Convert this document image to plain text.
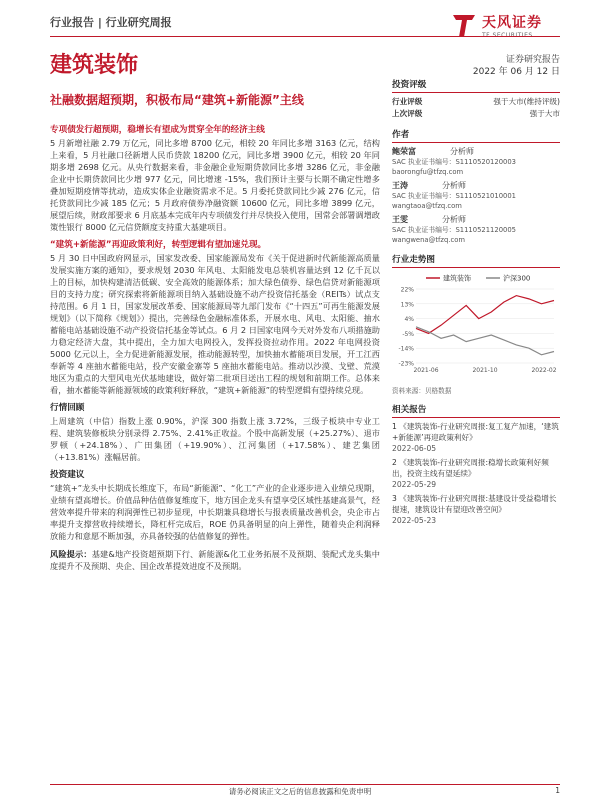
行业报告 | 行业研究周报	天风证券
建筑装饰	证券研究报告
2022 年 06 月 12 日
社融数据超预期，积极布局“建筑+新能源”主线
专项债发行超预期，稳增长有望成为贯穿全年的经济主线
5 月新增社融 2.79 万亿元，同比多增 8700 亿元，相较 20 年同比多增 3163 亿元，结构上来看，5 月社融口径新增人民币贷款 18200 亿元，同比多增 3900 亿元，相较 20 年同期多增 2698 亿元。从央行数据来看，非金融企业短期贷款同比多增 3286 亿元，非金融企业中长期贷款同比少增 977 亿元，同比增速 -15%，我们预计主要与长期不确定性增多叠加短期疫情等扰动，造成实体企业融资需求不足。5 月委托贷款同比少减 276 亿元，信托贷款同比少减 185 亿元；5 月政府债券净融资额 10600 亿元，同比多增 3899 亿元，展望后续，财政部要求 6 月底基本完成年内专项债发行并尽快投入使用，国常会部署调增政策性银行 8000 亿元信贷额度支持重大基建项目。
“建筑+新能源”再迎政策利好，转型逻辑有望加速兑现。
5 月 30 日中国政府网显示，国家发改委、国家能源局发布《关于促进新时代新能源高质量发展实施方案的通知》，要求规划 2030 年风电、太阳能发电总装机容量达到 12 亿千瓦以上的目标，加快构建清洁低碳、安全高效的能源体系；加大绿色债券、绿色信贷对新能源项目的支持力度；研究探索将新能源项目纳入基础设施不动产投资信托基金（REITs）试点支持范围。6 月 1 日，国家发展改革委、国家能源局等九部门发布《“十四五”可再生能源发展规划》（以下简称《规划》）提出，完善绿色金融标准体系，开展水电、风电、太阳能、抽水蓄能电站基础设施不动产投资信托基金等试点。6 月 2 日国家电网今天对外发布八项措施助力稳定经济大盘，其中提出，全力加大电网投入，发挥投资拉动作用。2022 年电网投资 5000 亿元以上，全力促进新能源发展，推动能源转型，加快抽水蓄能项目发展，开工江西奉新等 4 座抽水蓄能电站，投产安徽金寨等 5 座抽水蓄能电站。推动以沙漠、戈壁、荒漠地区为重点的大型风电光伏基地建设，做好第二批项目送出工程的规划和前期工作。总体来看，抽水蓄能等新能源领域的政策利好释放，“建筑+新能源”的转型逻辑有望持续兑现。
行情回顾
上周建筑（中信）指数上涨 0.90%，沪深 300 指数上涨 3.72%，三级子板块中专业工程、建筑装修板块分别录得 2.75%、2.41%正收益。个股中高新发展（+25.27%）、退市罗顿（+24.18%）、广田集团（+19.90%）、江河集团（+17.58%）、建艺集团（+13.81%）涨幅居前。
投资建议
“建筑+”龙头中长期成长维度下，布局“新能源”、“化工”产业的企业逐步进入业绩兑现期，业绩有望高增长。价值品种估值修复维度下，地方国企龙头有望享受区域性基建高景气，经营效率提升带来的利润弹性已初步显现，中长期兼具稳增长与报表质量改善机会，央企市占率提升支撑营收持续增长，降杠杆完成后，ROE 仍具备明显的向上弹性，随着央企利润释放能力和意愿不断加强，亦具备较强的估值修复的弹性。
风险提示：基建&地产投资超预期下行、新能源&化工业务拓展不及预期、装配式龙头集中度提升不及预期、央企、国企改革提效进度不及预期。
投资评级
行业评级	强于大市(维持评级)
上次评级	强于大市
作者
鲍荣富	分析师
SAC 执业证书编号：S1110520120003
baorongfu@tfzq.com
王涛	分析师
SAC 执业证书编号：S1110521010001
wangtaoa@tfzq.com
王雯	分析师
SAC 执业证书编号：S1110521120005
wangwena@tfzq.com
行业走势图
建筑装饰	沪深300
22%
13%
4%
-5%
-14%
-23%
2021-06	2021-10	2022-02
资料来源：贝格数据
相关报告
1 《建筑装饰-行业研究周报:复工复产加速，‘建筑+新能源’再迎政策利好》
2022-06-05
2 《建筑装饰-行业研究周报:稳增长政策利好频出，投资主线有望延续》
2022-05-29
3 《建筑装饰-行业研究周报:基建设计受益稳增长提速，建筑设计有望迎改善空间》
2022-05-23
请务必阅读正文之后的信息披露和免责申明	1
